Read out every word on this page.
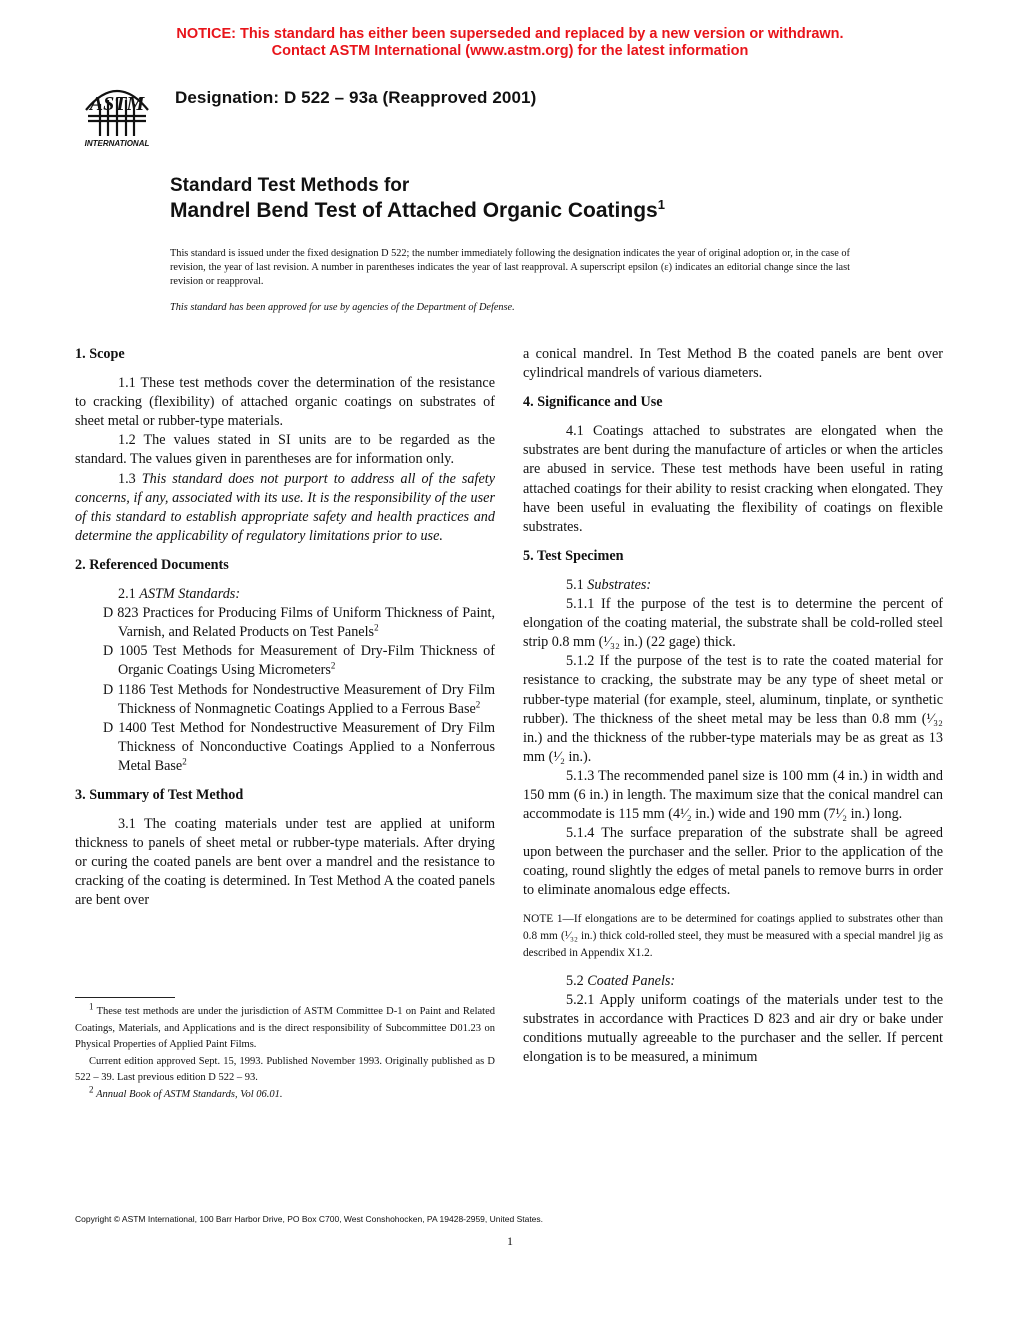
NOTICE: This standard has either been superseded and replaced by a new version or withdrawn.
Contact ASTM International (www.astm.org) for the latest information
ASTM
INTERNATIONAL
Designation: D 522 – 93a (Reapproved 2001)
Standard Test Methods for
Mandrel Bend Test of Attached Organic Coatings$^1$
This standard is issued under the fixed designation D 522; the number immediately following the designation indicates the year of original adoption or, in the case of revision, the year of last revision. A number in parentheses indicates the year of last reapproval. A superscript epsilon (ε) indicates an editorial change since the last revision or reapproval.
This standard has been approved for use by agencies of the Department of Defense.
1. Scope

1.1 These test methods cover the determination of the resistance to cracking (flexibility) of attached organic coatings on substrates of sheet metal or rubber-type materials.

1.2 The values stated in SI units are to be regarded as the standard. The values given in parentheses are for information only.

1.3 This standard does not purport to address all of the safety concerns, if any, associated with its use. It is the responsibility of the user of this standard to establish appropriate safety and health practices and determine the applicability of regulatory limitations prior to use.

2. Referenced Documents

2.1 ASTM Standards:

D 823 Practices for Producing Films of Uniform Thickness of Paint, Varnish, and Related Products on Test Panels$^2$

D 1005 Test Methods for Measurement of Dry-Film Thickness of Organic Coatings Using Micrometers$^2$

D 1186 Test Methods for Nondestructive Measurement of Dry Film Thickness of Nonmagnetic Coatings Applied to a Ferrous Base$^2$

D 1400 Test Method for Nondestructive Measurement of Dry Film Thickness of Nonconductive Coatings Applied to a Nonferrous Metal Base$^2$

3. Summary of Test Method

3.1 The coating materials under test are applied at uniform thickness to panels of sheet metal or rubber-type materials. After drying or curing the coated panels are bent over a mandrel and the resistance to cracking of the coating is determined. In Test Method A the coated panels are bent over

$^1$ These test methods are under the jurisdiction of ASTM Committee D-1 on Paint and Related Coatings, Materials, and Applications and is the direct responsibility of Subcommittee D01.23 on Physical Properties of Applied Paint Films.

Current edition approved Sept. 15, 1993. Published November 1993. Originally published as D 522 – 39. Last previous edition D 522 – 93.

$^2$ Annual Book of ASTM Standards, Vol 06.01.

a conical mandrel. In Test Method B the coated panels are bent over cylindrical mandrels of various diameters.

4. Significance and Use

4.1 Coatings attached to substrates are elongated when the substrates are bent during the manufacture of articles or when the articles are abused in service. These test methods have been useful in rating attached coatings for their ability to resist cracking when elongated. They have been useful in evaluating the flexibility of coatings on flexible substrates.

5. Test Specimen

5.1 Substrates:

5.1.1 If the purpose of the test is to determine the percent of elongation of the coating material, the substrate shall be cold-rolled steel strip 0.8 mm (¹⁄₃₂ in.) (22 gage) thick.

5.1.2 If the purpose of the test is to rate the coated material for resistance to cracking, the substrate may be any type of sheet metal or rubber-type material (for example, steel, aluminum, tinplate, or synthetic rubber). The thickness of the sheet metal may be less than 0.8 mm (¹⁄₃₂ in.) and the thickness of the rubber-type materials may be as great as 13 mm (¹⁄₂ in.).

5.1.3 The recommended panel size is 100 mm (4 in.) in width and 150 mm (6 in.) in length. The maximum size that the conical mandrel can accommodate is 115 mm (4¹⁄₂ in.) wide and 190 mm (7¹⁄₂ in.) long.

5.1.4 The surface preparation of the substrate shall be agreed upon between the purchaser and the seller. Prior to the application of the coating, round slightly the edges of metal panels to remove burrs in order to eliminate anomalous edge effects.

NOTE 1—If elongations are to be determined for coatings applied to substrates other than 0.8 mm (¹⁄₃₂ in.) thick cold-rolled steel, they must be measured with a special mandrel jig as described in Appendix X1.2.

5.2 Coated Panels:

5.2.1 Apply uniform coatings of the materials under test to the substrates in accordance with Practices D 823 and air dry or bake under conditions mutually agreeable to the purchaser and the seller. If percent elongation is to be measured, a minimum

Copyright © ASTM International, 100 Barr Harbor Drive, PO Box C700, West Conshohocken, PA 19428-2959, United States.
1
